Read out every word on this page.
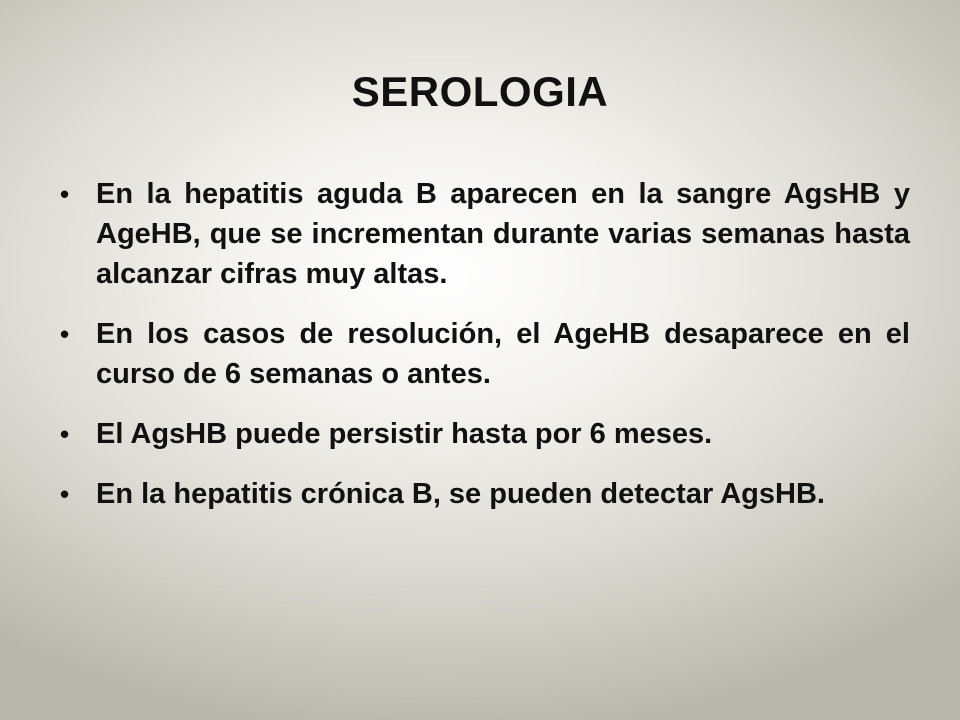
SEROLOGIA
• En la hepatitis aguda B aparecen en la sangre AgsHB y AgeHB, que se incrementan durante varias semanas hasta alcanzar cifras muy altas.
• En los casos de resolución, el AgeHB desaparece en el curso de 6 semanas o antes.
• El AgsHB puede persistir hasta por 6 meses.
• En la hepatitis crónica B, se pueden detectar AgsHB.
